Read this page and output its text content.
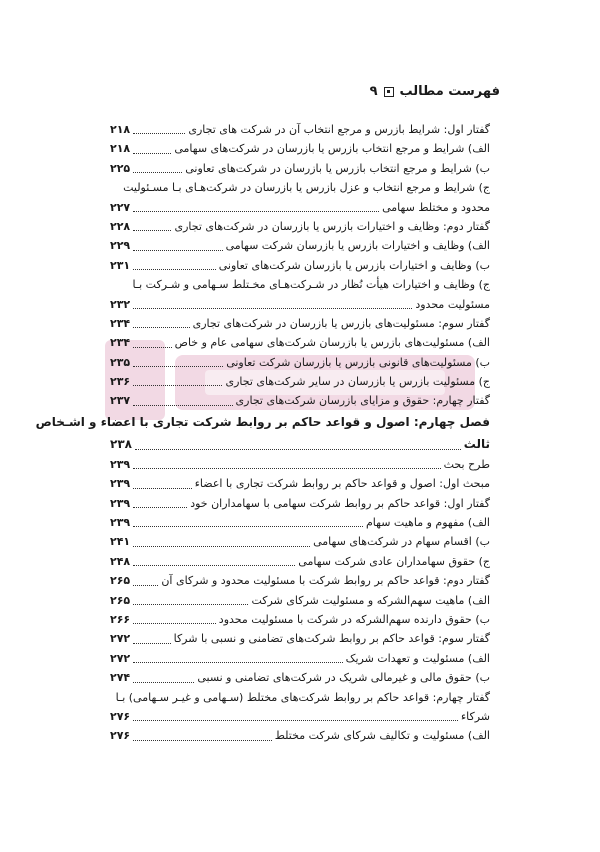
فهرست مطالب
۹
گفتار اول: شرایط بازرس و مرجع انتخاب آن در شرکت های تجاری
۲۱۸
الف) شرایط و مرجع انتخاب بازرس یا بازرسان در شرکت‌های سهامی
۲۱۸
ب) شرایط و مرجع انتخاب بازرس یا بازرسان در شرکت‌های تعاونی
۲۲۵
ج) شرایط و مرجع انتخاب و عزل بازرس یا بازرسان در شرکت‌هـای بـا مسـئولیت
محدود و مختلط سهامی
۲۲۷
گفتار دوم: وظایف و اختیارات بازرس یا بازرسان در شرکت‌های تجاری
۲۲۸
الف) وظایف و اختیارات بازرس یا بازرسان شرکت سهامی
۲۲۹
ب) وظایف و اختیارات بازرس یا بازرسان شرکت‌های تعاونی
۲۳۱
ج) وظایف و اختیارات هیأت نُظار در شـرکت‌هـای مخـتلط سـهامی و شـرکت بـا
مسئولیت محدود
۲۳۲
گفتار سوم: مسئولیت‌های بازرس یا بازرسان در شرکت‌های تجاری
۲۳۴
الف) مسئولیت‌های بازرس یا بازرسان شرکت‌های سهامی عام و خاص
۲۳۴
ب) مسئولیت‌های قانونی بازرس یا بازرسان شرکت تعاونی
۲۳۵
ج) مسئولیت بازرس یا بازرسان در سایر شرکت‌های تجاری
۲۳۶
گفتار چهارم: حقوق و مزایای بازرسان شرکت‌های تجاری
۲۳۷
فصل چهارم: اصول و قواعد حاکم بر روابط شرکت تجاری با اعضاء و اشـخاص
ثالث
۲۳۸
طرح بحث
۲۳۹
مبحث اول: اصول و قواعد حاکم بر روابط شرکت تجاری با اعضاء
۲۳۹
گفتار اول: قواعد حاکم بر روابط شرکت سهامی با سهامداران خود
۲۳۹
الف) مفهوم و ماهیت سهام
۲۳۹
ب) اقسام سهام در شرکت‌های سهامی
۲۴۱
ج) حقوق سهامداران عادی شرکت سهامی
۲۴۸
گفتار دوم: قواعد حاکم بر روابط شرکت با مسئولیت محدود و شرکای آن
۲۶۵
الف) ماهیت سهم‌الشرکه و مسئولیت شرکای شرکت
۲۶۵
ب) حقوق دارنده سهم‌الشرکه در شرکت با مسئولیت محدود
۲۶۶
گفتار سوم: قواعد حاکم بر روابط شرکت‌های تضامنی و نسبی با شرکا
۲۷۲
الف) مسئولیت و تعهدات شریک
۲۷۲
ب) حقوق مالی و غیرمالی شریک در شرکت‌های تضامنی و نسبی
۲۷۴
گفتار چهارم: قواعد حاکم بر روابط شرکت‌های مختلط (سـهامی و غیـر سـهامی) بـا
شرکاء
۲۷۶
الف) مسئولیت و تکالیف شرکای شرکت مختلط
۲۷۶
